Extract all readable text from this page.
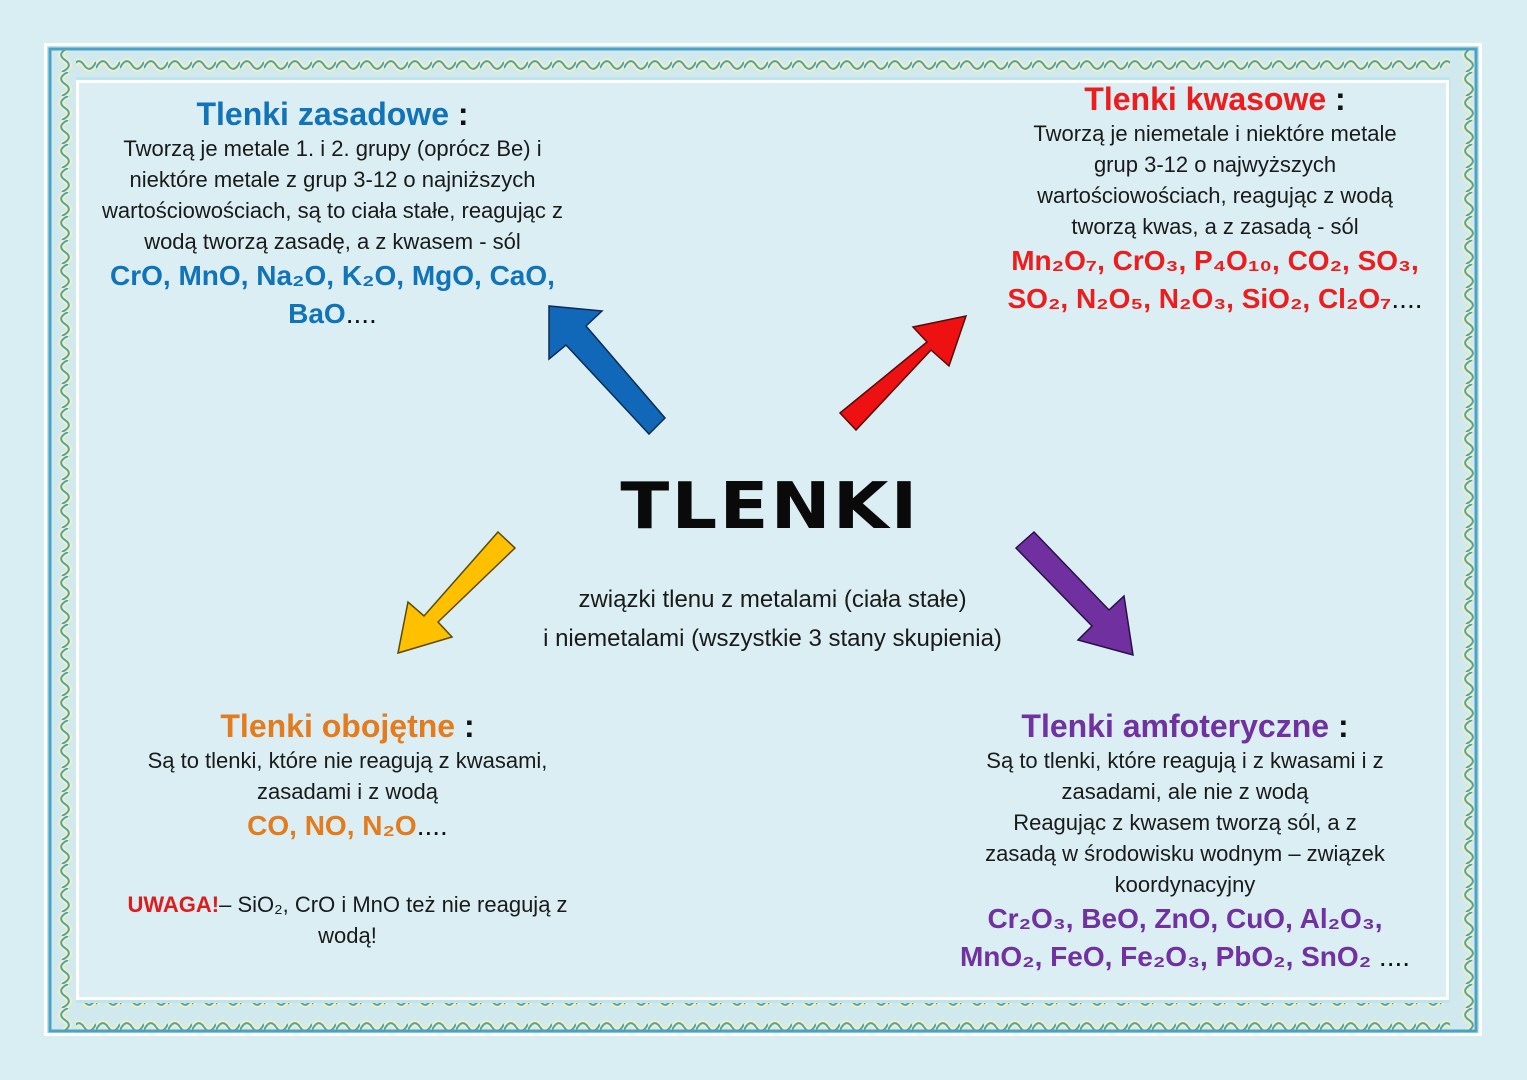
TLENKI
związki tlenu z metalami (ciała stałe)
i niemetalami (wszystkie 3 stany skupienia)
Tlenki zasadowe :
Tworzą je metale 1. i 2. grupy (oprócz Be) i niektóre metale z grup 3-12 o najniższych wartościowościach, są to ciała stałe, reagując z wodą tworzą zasadę, a z kwasem - sól
CrO, MnO, Na₂O, K₂O, MgO, CaO, BaO....
Tlenki kwasowe :
Tworzą je niemetale i niektóre metale grup 3-12 o najwyższych wartościowościach, reagując z wodą tworzą kwas, a z zasadą - sól
Mn₂O₇, CrO₃, P₄O₁₀, CO₂, SO₃, SO₂, N₂O₅, N₂O₃, SiO₂, Cl₂O₇....
Tlenki obojętne :
Są to tlenki, które nie reagują z kwasami, zasadami i z wodą
CO, NO, N₂O....
UWAGA!– SiO₂, CrO i MnO też nie reagują z wodą!
Tlenki amfoteryczne :
Są to tlenki, które reagują i z kwasami i z zasadami, ale nie z wodą
Reagując z kwasem tworzą sól, a z zasadą w środowisku wodnym – związek koordynacyjny
Cr₂O₃, BeO, ZnO, CuO, Al₂O₃, MnO₂, FeO, Fe₂O₃, PbO₂, SnO₂ ....
